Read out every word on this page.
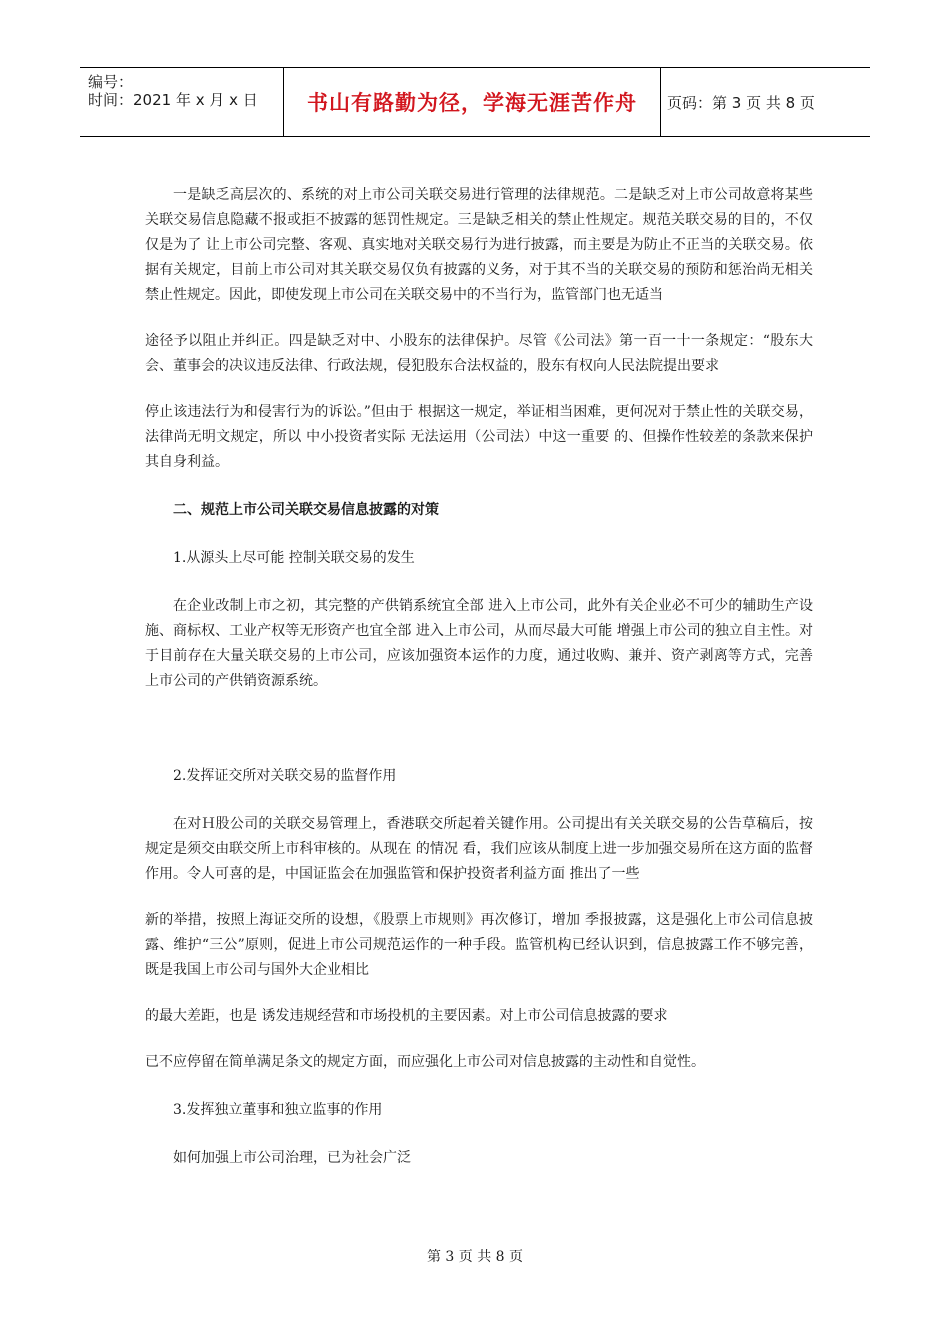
编号：
时间：2021 年 x 月 x 日	书山有路勤为径，学海无涯苦作舟	页码：第 3 页 共 8 页

一是缺乏高层次的、系统的对上市公司关联交易进行管理的法律规范。二是缺乏对上市公司故意将某些关联交易信息隐藏不报或拒不披露的惩罚性规定。三是缺乏相关的禁止性规定。规范关联交易的目的，不仅仅是为了 让上市公司完整、客观、真实地对关联交易行为进行披露，而主要是为防止不正当的关联交易。依据有关规定，目前上市公司对其关联交易仅负有披露的义务，对于其不当的关联交易的预防和惩治尚无相关禁止性规定。因此，即使发现上市公司在关联交易中的不当行为，监管部门也无适当

途径予以阻止并纠正。四是缺乏对中、小股东的法律保护。尽管《公司法》第一百一十一条规定：“股东大会、董事会的决议违反法律、行政法规，侵犯股东合法权益的，股东有权向人民法院提出要求

停止该违法行为和侵害行为的诉讼。”但由于 根据这一规定，举证相当困难，更何况对于禁止性的关联交易，法律尚无明文规定，所以 中小投资者实际 无法运用（公司法）中这一重要 的、但操作性较差的条款来保护其自身利益。

二、规范上市公司关联交易信息披露的对策

1.从源头上尽可能 控制关联交易的发生

在企业改制上市之初，其完整的产供销系统宜全部 进入上市公司，此外有关企业必不可少的辅助生产设施、商标权、工业产权等无形资产也宜全部 进入上市公司，从而尽最大可能 增强上市公司的独立自主性。对于目前存在大量关联交易的上市公司，应该加强资本运作的力度，通过收购、兼并、资产剥离等方式，完善上市公司的产供销资源系统。

2.发挥证交所对关联交易的监督作用

在对Ｈ股公司的关联交易管理上，香港联交所起着关键作用。公司提出有关关联交易的公告草稿后，按规定是须交由联交所上市科审核的。从现在 的情况 看，我们应该从制度上进一步加强交易所在这方面的监督作用。令人可喜的是，中国证监会在加强监管和保护投资者利益方面 推出了一些

新的举措，按照上海证交所的设想，《股票上市规则》再次修订，增加 季报披露，这是强化上市公司信息披露、维护“三公”原则，促进上市公司规范运作的一种手段。监管机构已经认识到，信息披露工作不够完善，既是我国上市公司与国外大企业相比

的最大差距，也是 诱发违规经营和市场投机的主要因素。对上市公司信息披露的要求

已不应停留在简单满足条文的规定方面，而应强化上市公司对信息披露的主动性和自觉性。

3.发挥独立董事和独立监事的作用

如何加强上市公司治理，已为社会广泛

第 3 页 共 8 页
